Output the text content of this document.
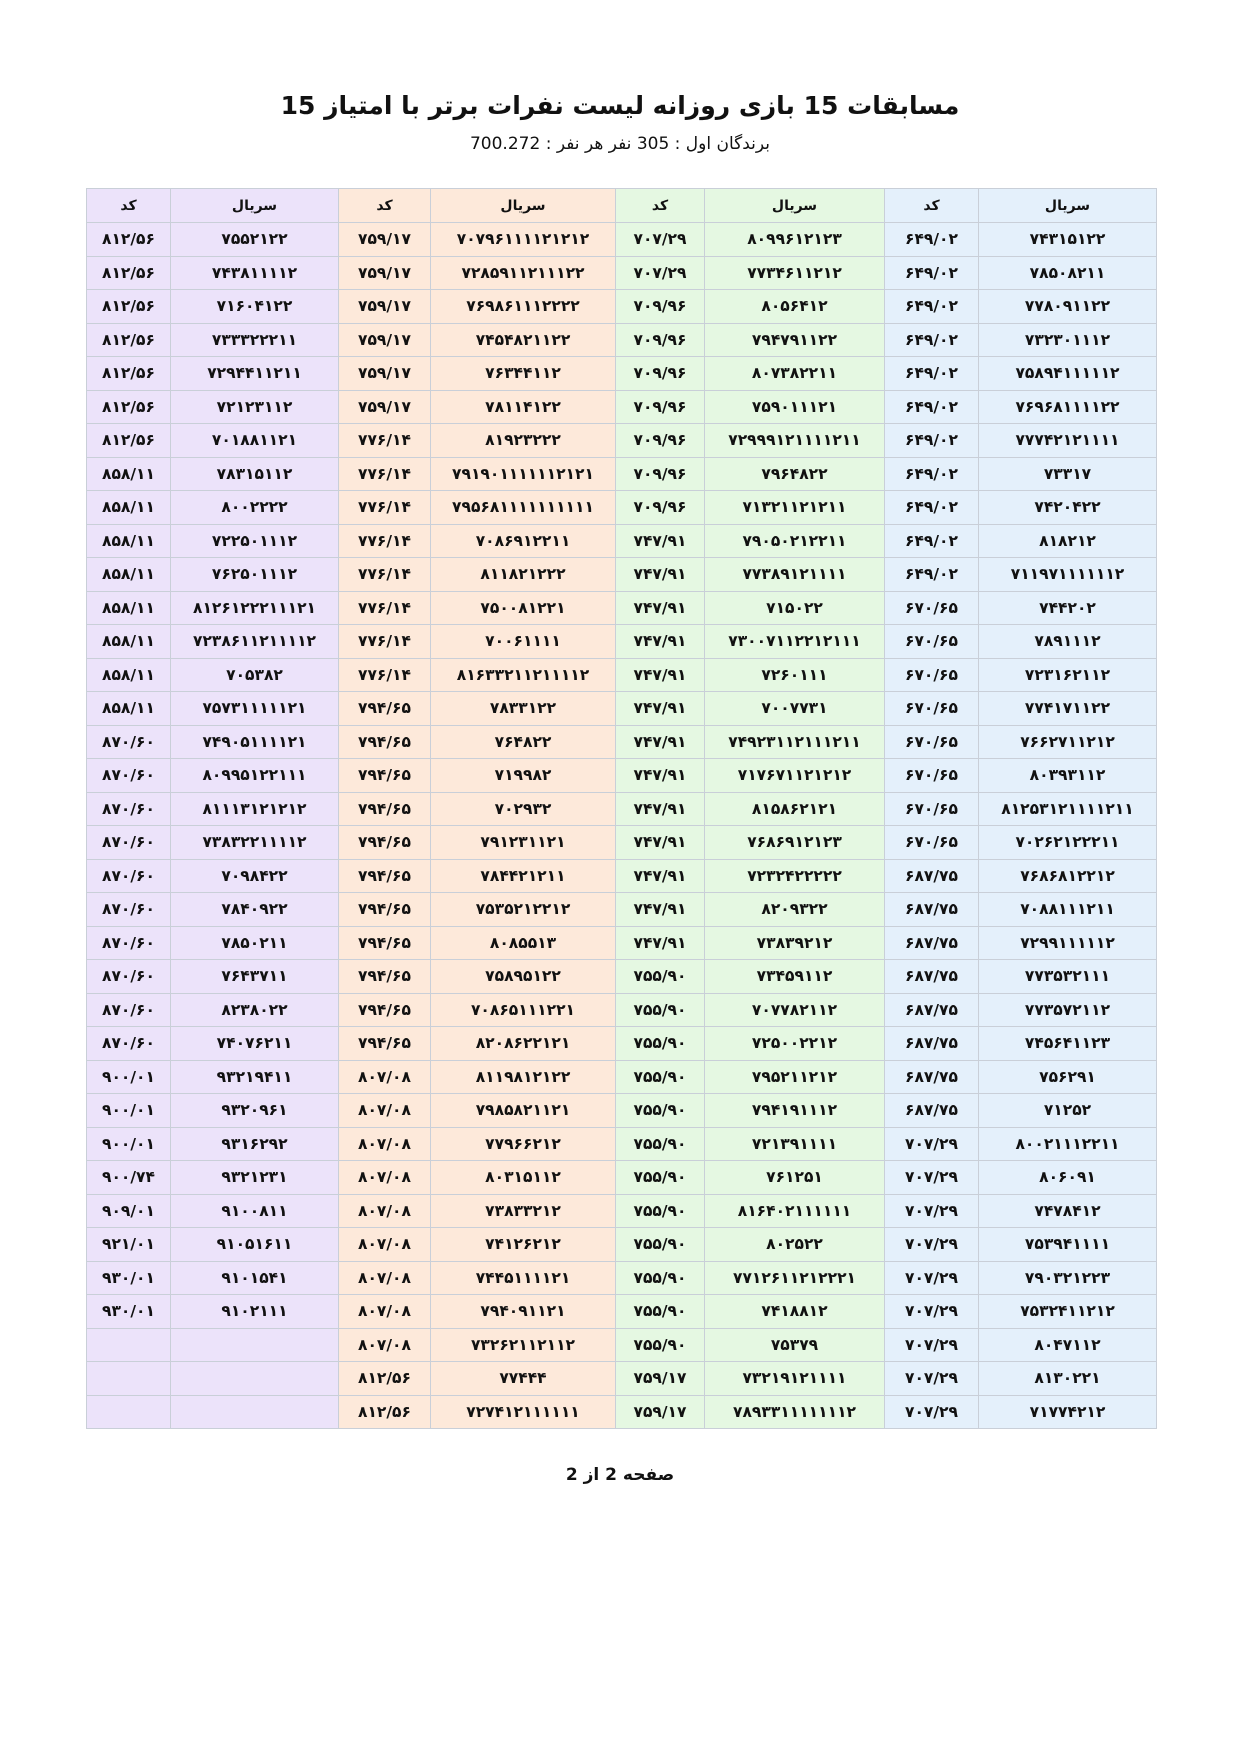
مسابقات 15 بازی روزانه لیست نفرات برتر با امتیاز 15
برندگان اول : 305 نفر هر نفر : 700.272
سریال	کد	سریال	کد	سریال	کد	سریال	کد
۷۴۳۱۵۱۲۲	۶۴۹/۰۲	۸۰۹۹۶۱۲۱۲۳	۷۰۷/۲۹	۷۰۷۹۶۱۱۱۱۲۱۲۱۲	۷۵۹/۱۷	۷۵۵۲۱۲۲	۸۱۲/۵۶
۷۸۵۰۸۲۱۱	۶۴۹/۰۲	۷۷۳۴۶۱۱۲۱۲	۷۰۷/۲۹	۷۲۸۵۹۱۱۲۱۱۱۲۲	۷۵۹/۱۷	۷۴۳۸۱۱۱۱۲	۸۱۲/۵۶
۷۷۸۰۹۱۱۲۲	۶۴۹/۰۲	۸۰۵۶۴۱۲	۷۰۹/۹۶	۷۶۹۸۶۱۱۱۲۲۲۲	۷۵۹/۱۷	۷۱۶۰۴۱۲۲	۸۱۲/۵۶
۷۳۲۳۰۱۱۱۲	۶۴۹/۰۲	۷۹۴۷۹۱۱۲۲	۷۰۹/۹۶	۷۴۵۴۸۲۱۱۲۲	۷۵۹/۱۷	۷۳۳۳۲۲۲۱۱	۸۱۲/۵۶
۷۵۸۹۴۱۱۱۱۱۲	۶۴۹/۰۲	۸۰۷۳۸۲۲۱۱	۷۰۹/۹۶	۷۶۳۴۴۱۱۲	۷۵۹/۱۷	۷۲۹۴۴۱۱۲۱۱	۸۱۲/۵۶
۷۶۹۶۸۱۱۱۱۲۲	۶۴۹/۰۲	۷۵۹۰۱۱۱۲۱	۷۰۹/۹۶	۷۸۱۱۴۱۲۲	۷۵۹/۱۷	۷۲۱۲۳۱۱۲	۸۱۲/۵۶
۷۷۷۴۲۱۲۱۱۱۱	۶۴۹/۰۲	۷۲۹۹۹۱۲۱۱۱۱۲۱۱	۷۰۹/۹۶	۸۱۹۲۳۲۲۲	۷۷۶/۱۴	۷۰۱۸۸۱۱۲۱	۸۱۲/۵۶
۷۳۳۱۷	۶۴۹/۰۲	۷۹۶۴۸۲۲	۷۰۹/۹۶	۷۹۱۹۰۱۱۱۱۱۱۲۱۲۱	۷۷۶/۱۴	۷۸۳۱۵۱۱۲	۸۵۸/۱۱
۷۴۲۰۴۲۲	۶۴۹/۰۲	۷۱۳۲۱۱۲۱۲۱۱	۷۰۹/۹۶	۷۹۵۶۸۱۱۱۱۱۱۱۱۱۱	۷۷۶/۱۴	۸۰۰۲۲۲۲	۸۵۸/۱۱
۸۱۸۲۱۲	۶۴۹/۰۲	۷۹۰۵۰۲۱۲۲۱۱	۷۴۷/۹۱	۷۰۸۶۹۱۲۲۱۱	۷۷۶/۱۴	۷۲۲۵۰۱۱۱۲	۸۵۸/۱۱
۷۱۱۹۷۱۱۱۱۱۱۲	۶۴۹/۰۲	۷۷۳۸۹۱۲۱۱۱۱	۷۴۷/۹۱	۸۱۱۸۲۱۲۲۲	۷۷۶/۱۴	۷۶۲۵۰۱۱۱۲	۸۵۸/۱۱
۷۴۴۲۰۲	۶۷۰/۶۵	۷۱۵۰۲۲	۷۴۷/۹۱	۷۵۰۰۸۱۲۲۱	۷۷۶/۱۴	۸۱۲۶۱۲۲۲۱۱۱۲۱	۸۵۸/۱۱
۷۸۹۱۱۱۲	۶۷۰/۶۵	۷۳۰۰۷۱۱۲۲۱۲۱۱۱	۷۴۷/۹۱	۷۰۰۶۱۱۱۱	۷۷۶/۱۴	۷۲۳۸۶۱۱۲۱۱۱۱۲	۸۵۸/۱۱
۷۲۳۱۶۲۱۱۲	۶۷۰/۶۵	۷۲۶۰۱۱۱	۷۴۷/۹۱	۸۱۶۳۳۲۱۱۲۱۱۱۱۲	۷۷۶/۱۴	۷۰۵۳۸۲	۸۵۸/۱۱
۷۷۴۱۷۱۱۲۲	۶۷۰/۶۵	۷۰۰۷۷۳۱	۷۴۷/۹۱	۷۸۳۳۱۲۲	۷۹۴/۶۵	۷۵۷۳۱۱۱۱۱۲۱	۸۵۸/۱۱
۷۶۶۲۷۱۱۲۱۲	۶۷۰/۶۵	۷۴۹۲۳۱۱۲۱۱۱۲۱۱	۷۴۷/۹۱	۷۶۴۸۲۲	۷۹۴/۶۵	۷۴۹۰۵۱۱۱۱۲۱	۸۷۰/۶۰
۸۰۳۹۳۱۱۲	۶۷۰/۶۵	۷۱۷۶۷۱۱۲۱۲۱۲	۷۴۷/۹۱	۷۱۹۹۸۲	۷۹۴/۶۵	۸۰۹۹۵۱۲۲۱۱۱	۸۷۰/۶۰
۸۱۲۵۳۱۲۱۱۱۱۲۱۱	۶۷۰/۶۵	۸۱۵۸۶۲۱۲۱	۷۴۷/۹۱	۷۰۲۹۳۲	۷۹۴/۶۵	۸۱۱۱۳۱۲۱۲۱۲	۸۷۰/۶۰
۷۰۲۶۲۱۲۲۲۱۱	۶۷۰/۶۵	۷۶۸۶۹۱۲۱۲۳	۷۴۷/۹۱	۷۹۱۲۳۱۱۲۱	۷۹۴/۶۵	۷۳۸۳۲۲۱۱۱۱۲	۸۷۰/۶۰
۷۶۸۶۸۱۲۲۱۲	۶۸۷/۷۵	۷۲۳۲۴۲۲۲۲۲	۷۴۷/۹۱	۷۸۴۴۲۱۲۱۱	۷۹۴/۶۵	۷۰۹۸۴۲۲	۸۷۰/۶۰
۷۰۸۸۱۱۱۲۱۱	۶۸۷/۷۵	۸۲۰۹۳۲۲	۷۴۷/۹۱	۷۵۳۵۲۱۲۲۱۲	۷۹۴/۶۵	۷۸۴۰۹۲۲	۸۷۰/۶۰
۷۲۹۹۱۱۱۱۱۲	۶۸۷/۷۵	۷۳۸۳۹۲۱۲	۷۴۷/۹۱	۸۰۸۵۵۱۳	۷۹۴/۶۵	۷۸۵۰۲۱۱	۸۷۰/۶۰
۷۷۳۵۳۲۱۱۱	۶۸۷/۷۵	۷۳۴۵۹۱۱۲	۷۵۵/۹۰	۷۵۸۹۵۱۲۲	۷۹۴/۶۵	۷۶۴۳۷۱۱	۸۷۰/۶۰
۷۷۳۵۷۲۱۱۲	۶۸۷/۷۵	۷۰۷۷۸۲۱۱۲	۷۵۵/۹۰	۷۰۸۶۵۱۱۱۲۲۱	۷۹۴/۶۵	۸۲۳۸۰۲۲	۸۷۰/۶۰
۷۴۵۶۴۱۱۲۳	۶۸۷/۷۵	۷۲۵۰۰۲۲۱۲	۷۵۵/۹۰	۸۲۰۸۶۲۲۱۲۱	۷۹۴/۶۵	۷۴۰۷۶۲۱۱	۸۷۰/۶۰
۷۵۶۲۹۱	۶۸۷/۷۵	۷۹۵۲۱۱۲۱۲	۷۵۵/۹۰	۸۱۱۹۸۱۲۱۲۲	۸۰۷/۰۸	۹۳۲۱۹۴۱۱	۹۰۰/۰۱
۷۱۲۵۲	۶۸۷/۷۵	۷۹۴۱۹۱۱۱۲	۷۵۵/۹۰	۷۹۸۵۸۲۱۱۲۱	۸۰۷/۰۸	۹۳۲۰۹۶۱	۹۰۰/۰۱
۸۰۰۲۱۱۱۲۲۱۱	۷۰۷/۲۹	۷۲۱۳۹۱۱۱۱	۷۵۵/۹۰	۷۷۹۶۶۲۱۲	۸۰۷/۰۸	۹۳۱۶۲۹۲	۹۰۰/۰۱
۸۰۶۰۹۱	۷۰۷/۲۹	۷۶۱۲۵۱	۷۵۵/۹۰	۸۰۳۱۵۱۱۲	۸۰۷/۰۸	۹۳۲۱۲۳۱	۹۰۰/۷۴
۷۴۷۸۴۱۲	۷۰۷/۲۹	۸۱۶۴۰۲۱۱۱۱۱۱	۷۵۵/۹۰	۷۳۸۳۳۲۱۲	۸۰۷/۰۸	۹۱۰۰۸۱۱	۹۰۹/۰۱
۷۵۳۹۴۱۱۱۱	۷۰۷/۲۹	۸۰۲۵۲۲	۷۵۵/۹۰	۷۴۱۲۶۲۱۲	۸۰۷/۰۸	۹۱۰۵۱۶۱۱	۹۲۱/۰۱
۷۹۰۳۲۱۲۲۳	۷۰۷/۲۹	۷۷۱۲۶۱۱۲۱۲۲۲۱	۷۵۵/۹۰	۷۴۴۵۱۱۱۱۲۱	۸۰۷/۰۸	۹۱۰۱۵۴۱	۹۳۰/۰۱
۷۵۳۲۴۱۱۲۱۲	۷۰۷/۲۹	۷۴۱۸۸۱۲	۷۵۵/۹۰	۷۹۴۰۹۱۱۲۱	۸۰۷/۰۸	۹۱۰۲۱۱۱	۹۳۰/۰۱
۸۰۴۷۱۱۲	۷۰۷/۲۹	۷۵۳۷۹	۷۵۵/۹۰	۷۳۲۶۲۱۱۲۱۱۲	۸۰۷/۰۸		
۸۱۳۰۲۲۱	۷۰۷/۲۹	۷۳۲۱۹۱۲۱۱۱۱	۷۵۹/۱۷	۷۷۴۴۴	۸۱۲/۵۶		
۷۱۷۷۴۲۱۲	۷۰۷/۲۹	۷۸۹۳۳۱۱۱۱۱۱۱۲	۷۵۹/۱۷	۷۲۷۴۱۲۱۱۱۱۱۱	۸۱۲/۵۶		
صفحه 2 از 2
